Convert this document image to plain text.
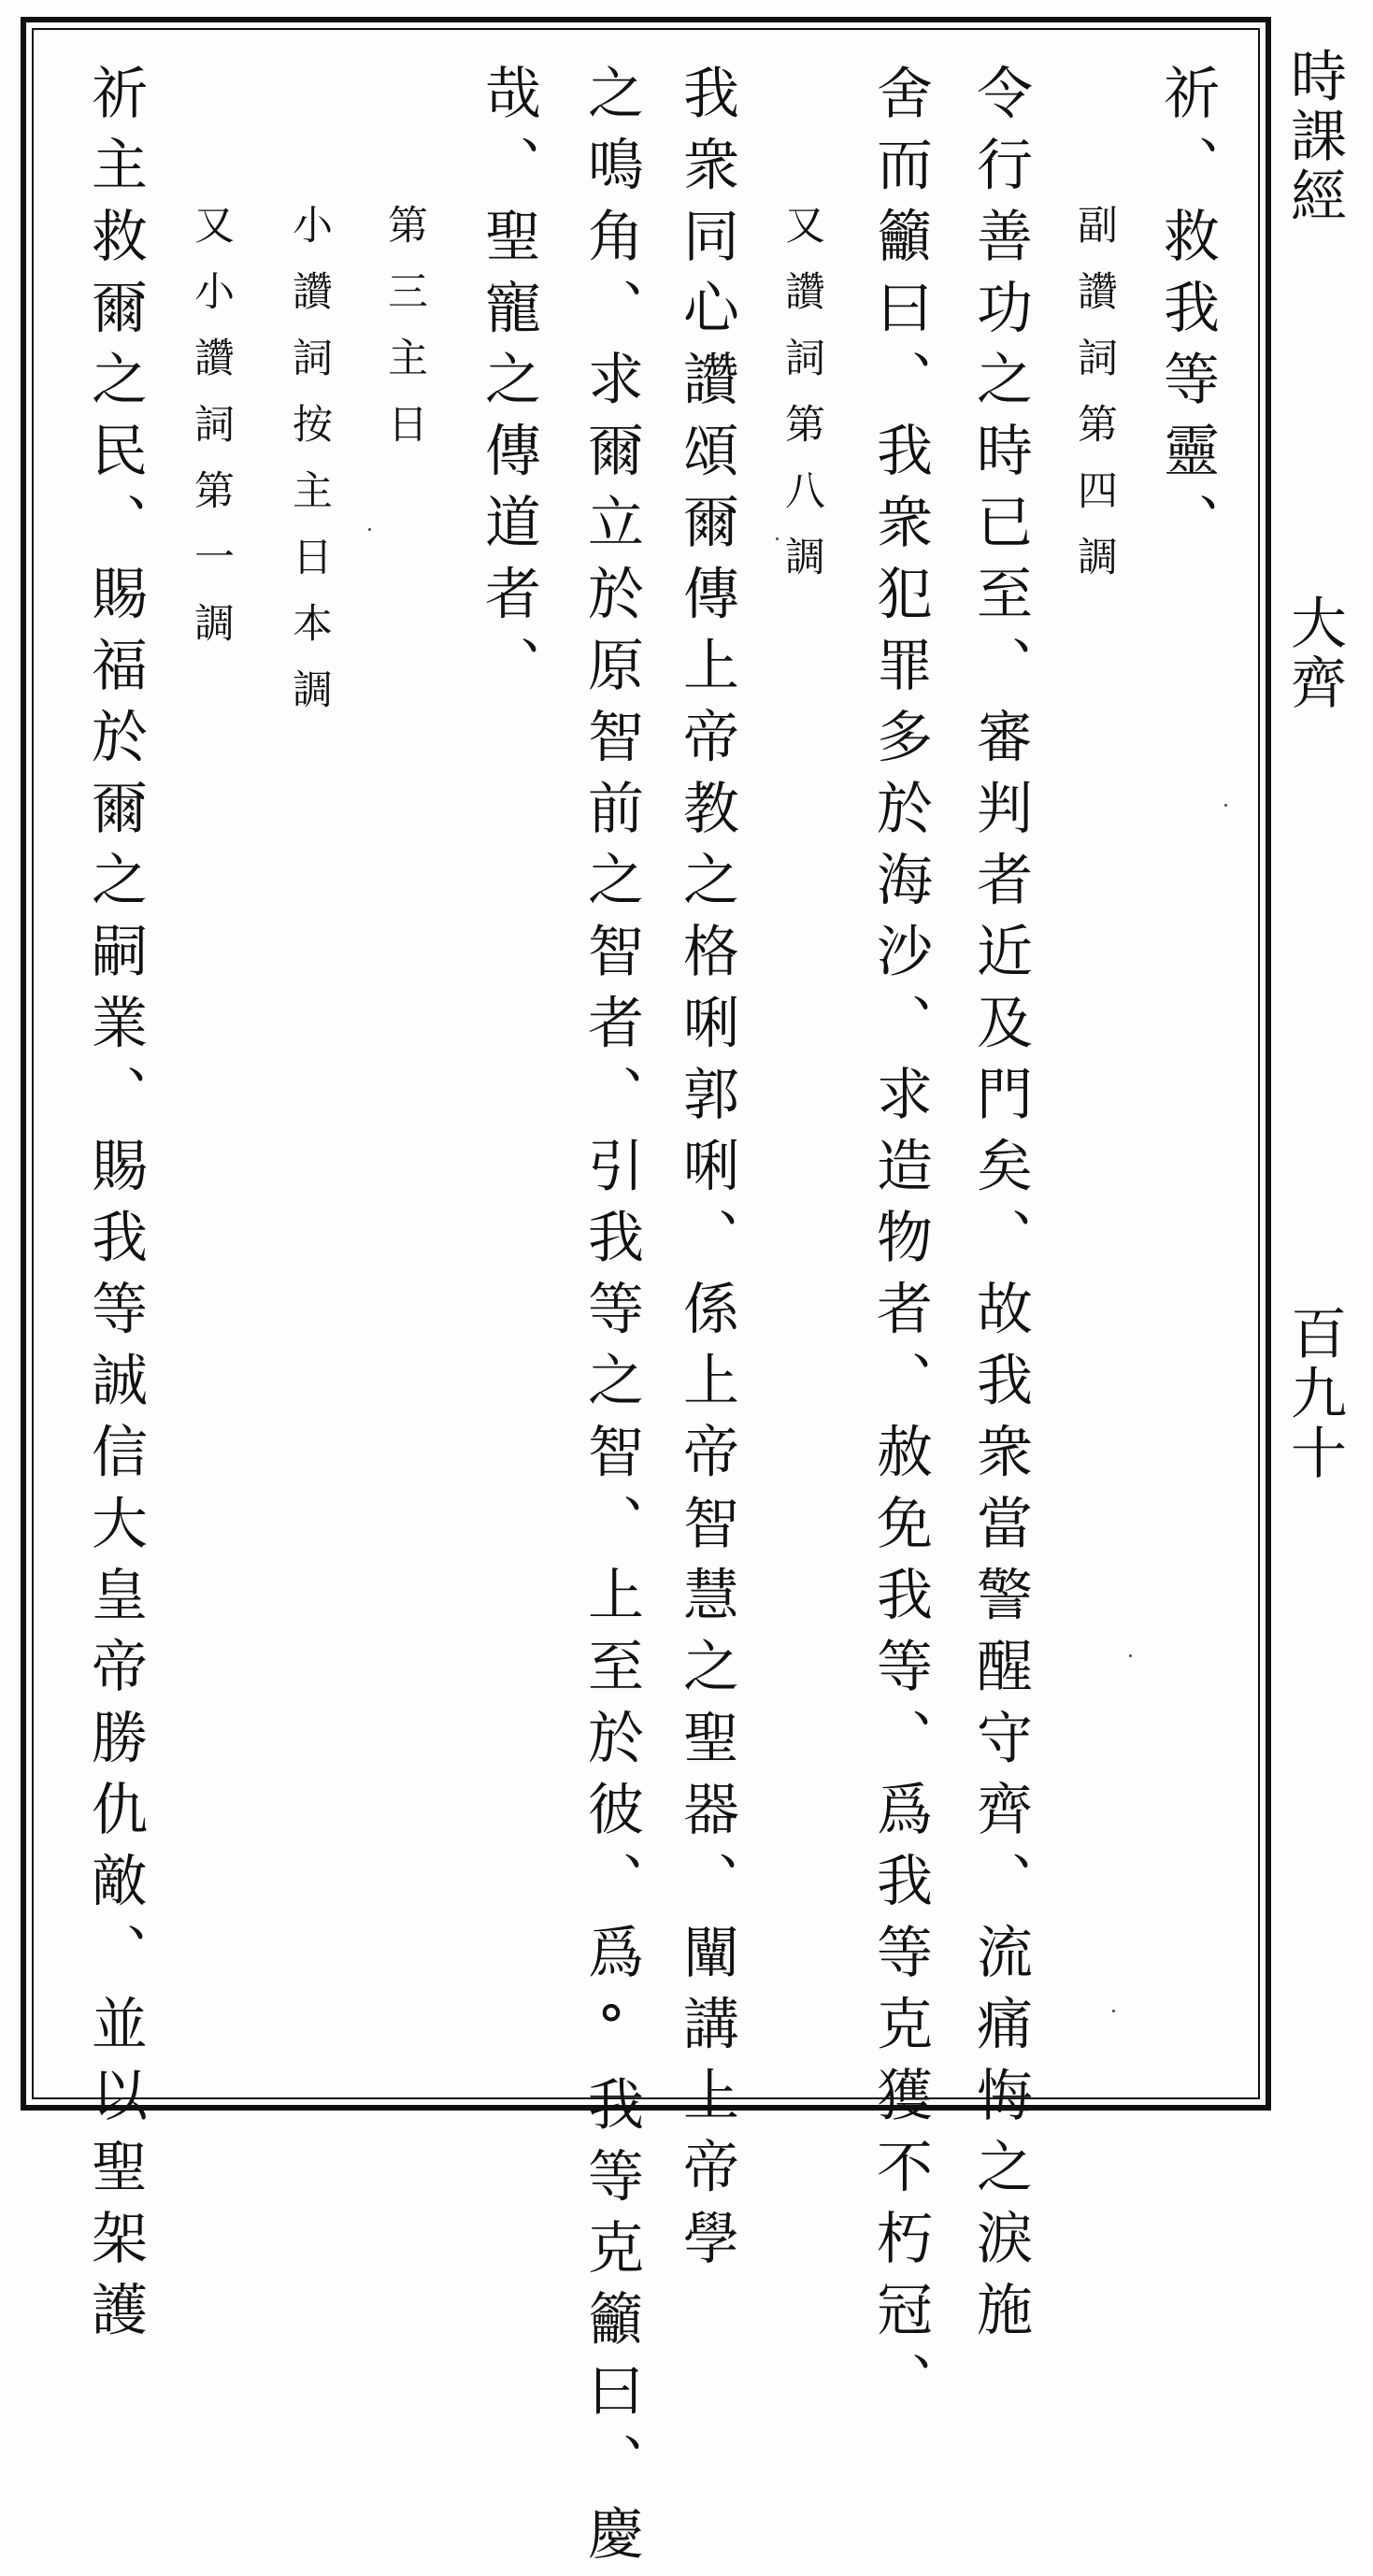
時課經
大齊
百九十
祈、救我等靈、
副讚詞第四調
令行善功之時已至、審判者近及門矣、故我衆當警醒守齊、流痛悔之淚施
舍而籲曰、我衆犯罪多於海沙、求造物者、赦免我等、爲我等克獲不朽冠、
又讚詞第八調
我衆同心讚頌爾傳上帝教之格唎郭唎、係上帝智慧之聖器、闡講上帝學
之鳴角、求爾立於原智前之智者、引我等之智、上至於彼、爲°我等克籲曰、慶
哉、聖寵之傳道者、
第三主日
小讚詞按主日本調
又小讚詞第一調
祈主救爾之民、賜福於爾之嗣業、賜我等誠信大皇帝勝仇敵、並以聖架護
